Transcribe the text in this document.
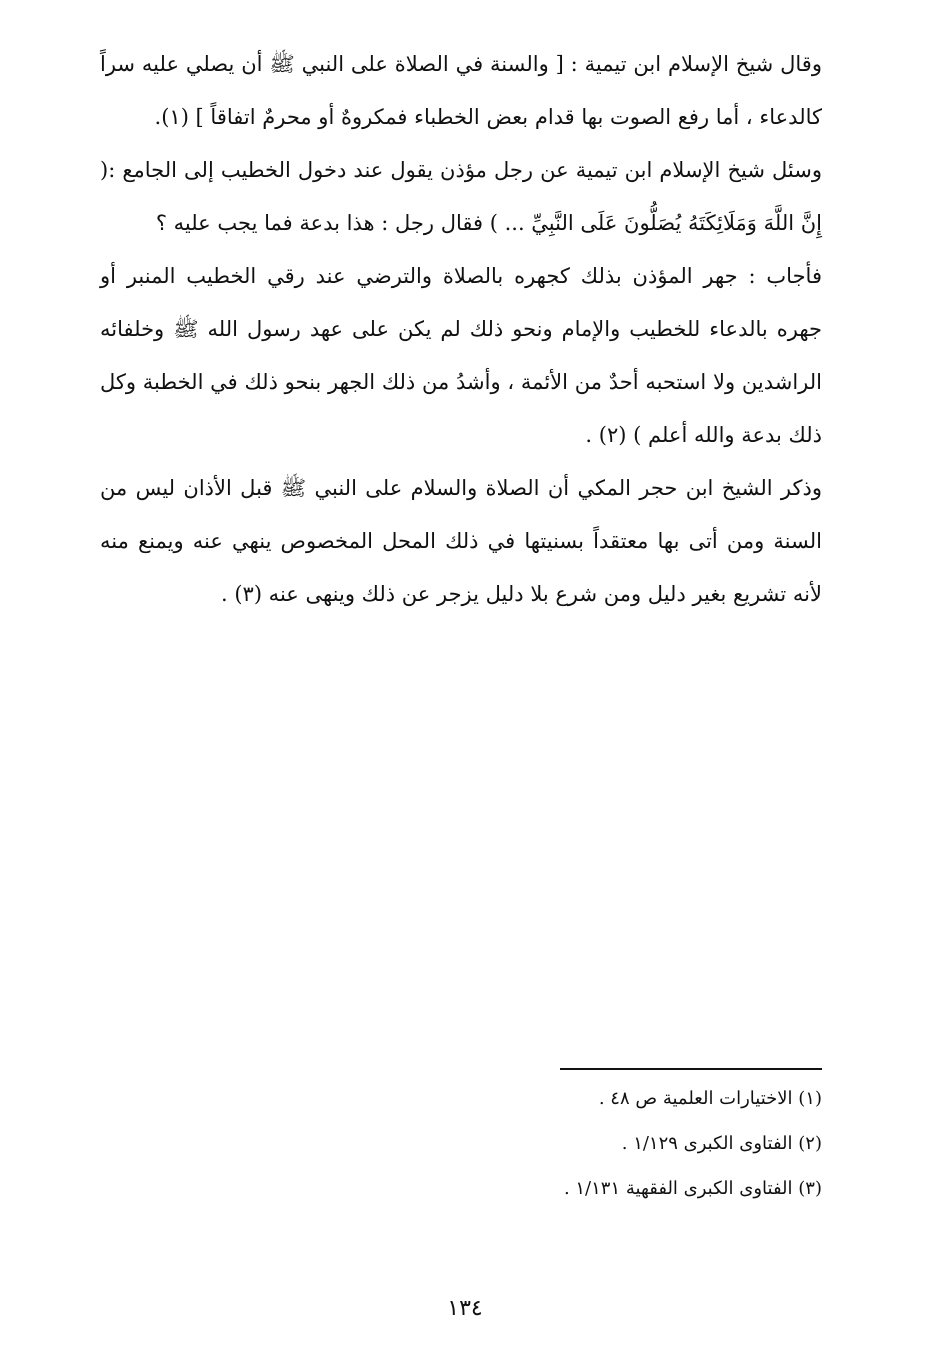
وقال شيخ الإسلام ابن تيمية : [ والسنة في الصلاة على النبي ﷺ أن يصلي عليه سراً كالدعاء ، أما رفع الصوت بها قدام بعض الخطباء فمكروهٌ أو محرمٌ اتفاقاً ] (١).

وسئل شيخ الإسلام ابن تيمية عن رجل مؤذن يقول عند دخول الخطيب إلى الجامع :( إِنَّ اللَّهَ وَمَلَائِكَتَهُ يُصَلُّونَ عَلَى النَّبِيِّ ... ) فقال رجل : هذا بدعة فما يجب عليه ؟

فأجاب : جهر المؤذن بذلك كجهره بالصلاة والترضي عند رقي الخطيب المنبر أو جهره بالدعاء للخطيب والإمام ونحو ذلك لم يكن على عهد رسول الله ﷺ وخلفائه الراشدين ولا استحبه أحدٌ من الأئمة ، وأشدُ من ذلك الجهر بنحو ذلك في الخطبة وكل ذلك بدعة والله أعلم ) (٢) .

وذكر الشيخ ابن حجر المكي أن الصلاة والسلام على النبي ﷺ قبل الأذان ليس من السنة ومن أتى بها معتقداً بسنيتها في ذلك المحل المخصوص ينهي عنه ويمنع منه لأنه تشريع بغير دليل ومن شرع بلا دليل يزجر عن ذلك وينهى عنه (٣) .

(١) الاختيارات العلمية ص ٤٨ .

(٢) الفتاوى الكبرى ١/١٢٩ .

(٣) الفتاوى الكبرى الفقهية ١/١٣١ .

١٣٤
